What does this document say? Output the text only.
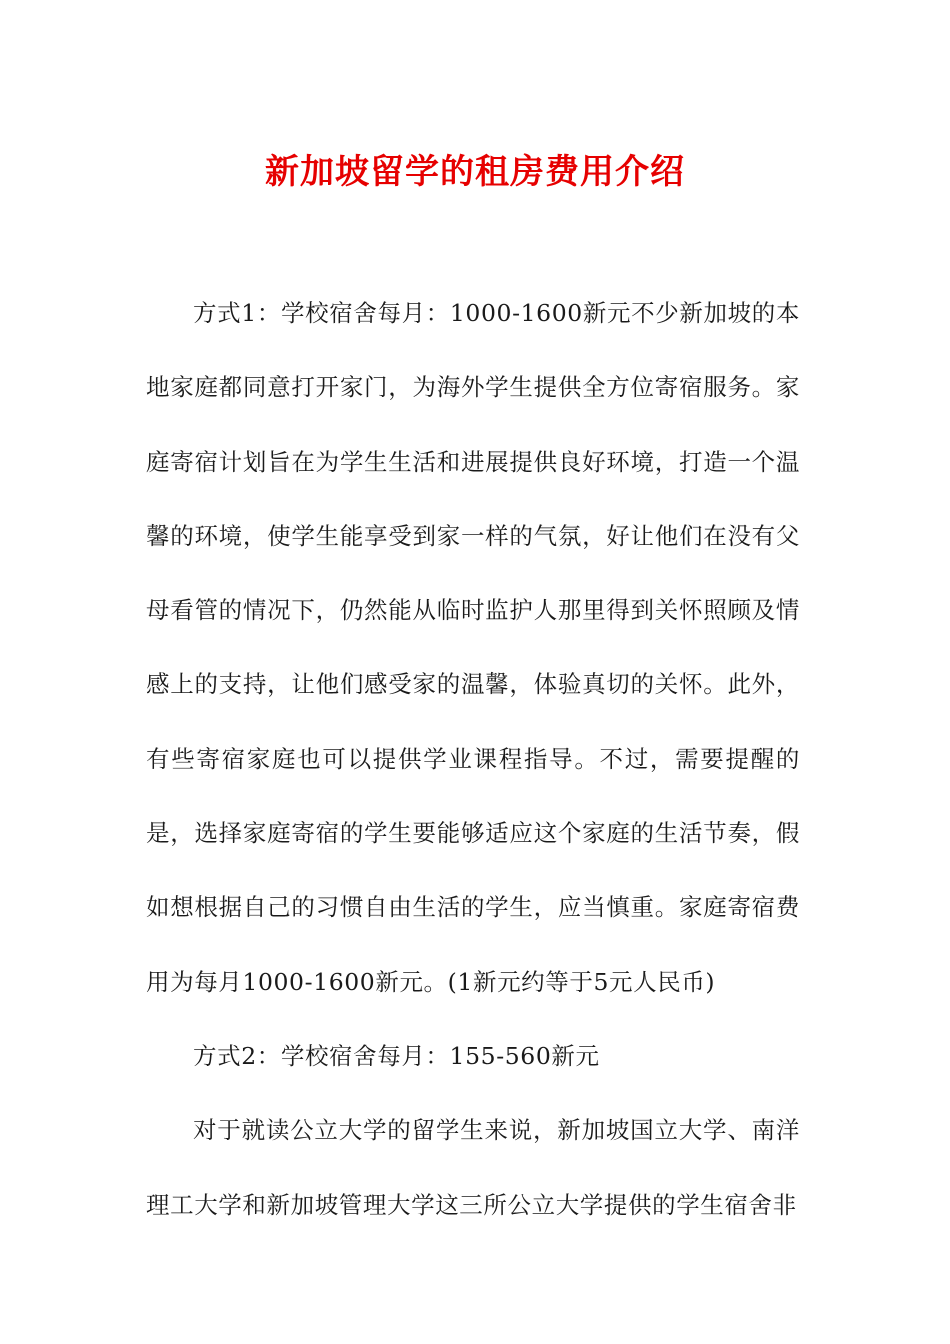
新加坡留学的租房费用介绍

方式1：学校宿舍每月：1000-1600新元不少新加坡的本地家庭都同意打开家门，为海外学生提供全方位寄宿服务。家庭寄宿计划旨在为学生生活和进展提供良好环境，打造一个温馨的环境，使学生能享受到家一样的气氛，好让他们在没有父母看管的情况下，仍然能从临时监护人那里得到关怀照顾及情感上的支持，让他们感受家的温馨，体验真切的关怀。此外，有些寄宿家庭也可以提供学业课程指导。不过，需要提醒的是，选择家庭寄宿的学生要能够适应这个家庭的生活节奏，假如想根据自己的习惯自由生活的学生，应当慎重。家庭寄宿费用为每月1000-1600新元。(1新元约等于5元人民币)

方式2：学校宿舍每月：155-560新元

对于就读公立大学的留学生来说，新加坡国立大学、南洋理工大学和新加坡管理大学这三所公立大学提供的学生宿舍非
